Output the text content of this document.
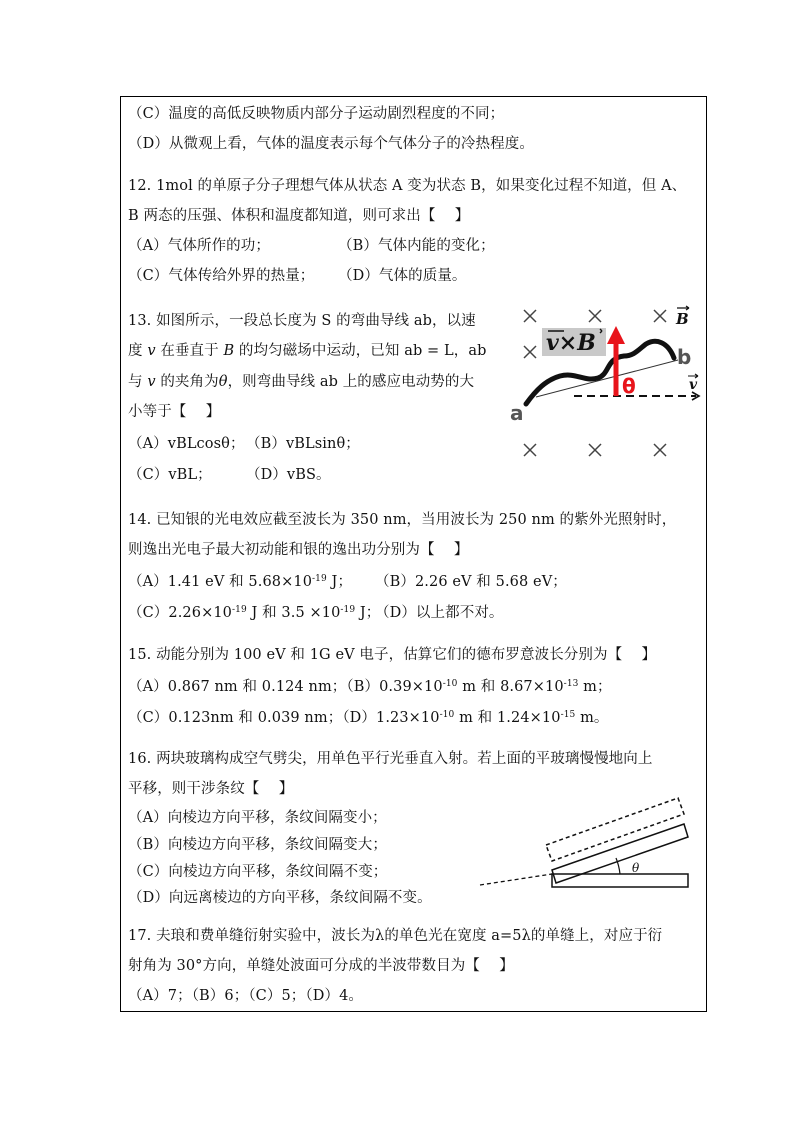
（C）温度的高低反映物质内部分子运动剧烈程度的不同；
（D）从微观上看，气体的温度表示每个气体分子的冷热程度。
12. 1mol 的单原子分子理想气体从状态 A 变为状态 B，如果变化过程不知道，但 A、
B 两态的压强、体积和温度都知道，则可求出【　 】
（A）气体所作的功；	（B）气体内能的变化；
（C）气体传给外界的热量； （D）气体的质量。
13. 如图所示，一段总长度为 S 的弯曲导线 ab，以速
度 v 在垂直于 B 的均匀磁场中运动，已知 ab = L，ab
与 v 的夹角为θ，则弯曲导线 ab 上的感应电动势的大
小等于【　 】
（A）vBLcosθ； （B）vBLsinθ；
（C）vBL； （D）vBS。
v×B
θ
b
a
B
v
14. 已知银的光电效应截至波长为 350 nm，当用波长为 250 nm 的紫外光照射时，
则逸出光电子最大初动能和银的逸出功分别为【　 】
（A）1.41 eV 和 $5.68\times 10^{-19}$ J； （B）2.26 eV 和 5.68 eV；
$(C)2.26\times 10^{-19}$ J 和 $3.5 \times 10^{-19}$ J；
（D）以上都不对。
15. 动能分别为 100 eV 和 1G eV 电子，估算它们的德布罗意波长分别为【　 】
（A）0.867 nm 和 0.124 nm；$(B)0.39\times 10^{-10}$ m 和 $8.67\times 10^{-13}$ m；
（C）0.123nm 和 0.039 nm；$(D)1.23\times 10^{-10}$ m 和 $1.24\times 10^{-15}$ m。
16. 两块玻璃构成空气劈尖，用单色平行光垂直入射。若上面的平玻璃慢慢地向上
平移，则干涉条纹【　 】
（A）向棱边方向平移，条纹间隔变小；
（B）向棱边方向平移，条纹间隔变大；
（C）向棱边方向平移，条纹间隔不变；
（D）向远离棱边的方向平移，条纹间隔不变。
θ
17. 夫琅和费单缝衍射实验中，波长为λ的单色光在宽度 a=5λ的单缝上，对应于衍
射角为 30°方向，单缝处波面可分成的半波带数目为【　 】
（A）7；（B）6；（C）5；（D）4。
